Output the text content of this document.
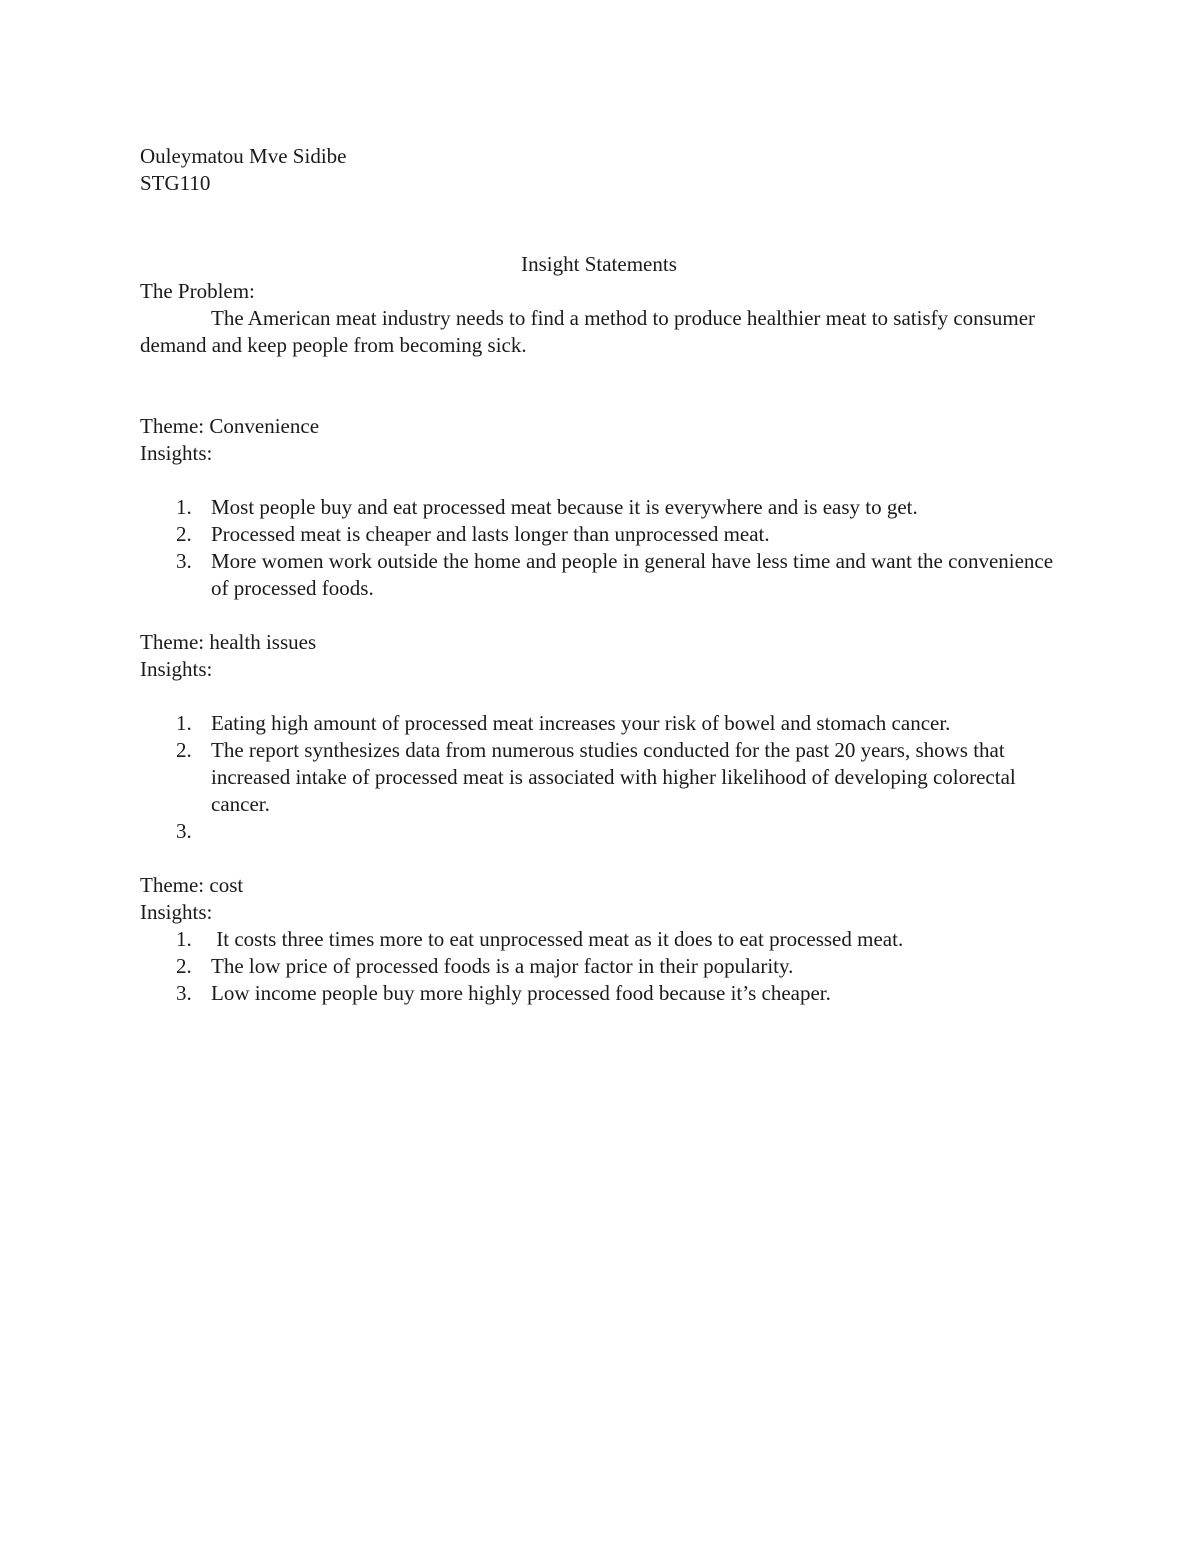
Ouleymatou Mve Sidibe

STG110

Insight Statements

The Problem:

The American meat industry needs to find a method to produce healthier meat to satisfy consumer demand and keep people from becoming sick.

Theme: Convenience

Insights:

1. Most people buy and eat processed meat because it is everywhere and is easy to get.
2. Processed meat is cheaper and lasts longer than unprocessed meat.
3. More women work outside the home and people in general have less time and want the convenience of processed foods.

Theme: health issues

Insights:

1. Eating high amount of processed meat increases your risk of bowel and stomach cancer.
2. The report synthesizes data from numerous studies conducted for the past 20 years, shows that increased intake of processed meat is associated with higher likelihood of developing colorectal cancer.
3.

Theme: cost

Insights:

1. It costs three times more to eat unprocessed meat as it does to eat processed meat.
2. The low price of processed foods is a major factor in their popularity.
3. Low income people buy more highly processed food because it’s cheaper.
